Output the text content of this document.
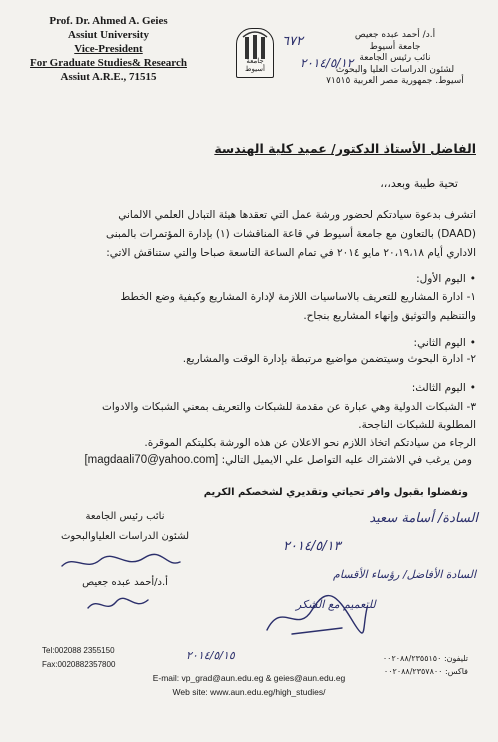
Prof. Dr. Ahmed A. Geies
Assiut University
Vice-President
For Graduate Studies& Research
Assiut A.R.E., 71515
جامعة أسيوط
٦٧٢
٢٠١٤/٥/١٢
أ.د/ أحمد عبده جعيص
جامعة أسيوط
نائب رئيس الجامعة
لشئون الدراسات العليا والبحوث
أسيوط. جمهورية مصر العربية ٧١٥١٥
الفاضل الأستاذ الدكتور/ عميد كلية الهندسة
تحية طيبة وبعد،،،
اتشرف بدعوة سيادتكم لحضور ورشة عمل التي تعقدها هيئة التبادل العلمي الالماني
(DAAD) بالتعاون مع جامعة أسيوط في قاعة المناقشات (١) بإدارة المؤتمرات بالمبنى
الاداري أيام ٢٠،١٩،١٨ مايو ٢٠١٤ في تمام الساعة التاسعة صباحا والتي ستناقش الاتي:
•اليوم الأول:
١- ادارة المشاريع للتعريف بالاساسيات اللازمة لإدارة المشاريع وكيفية وضع الخطط
والتنظيم والتوثيق وإنهاء المشاريع بنجاح.
•اليوم الثاني:
٢- ادارة البحوث وسيتضمن مواضيع مرتبطة بإدارة الوقت والمشاريع.
•اليوم الثالث:
٣- الشبكات الدولية وهي عبارة عن مقدمة للشبكات والتعريف بمعني الشبكات والادوات
المطلوبة للشبكات الناجحة.
الرجاء من سيادتكم اتخاذ اللازم نحو الاعلان عن هذه الورشة بكليتكم الموقرة.
[magdaali70@yahoo.com] ومن يرغب في الاشتراك عليه التواصل علي الايميل التالي:
وتفضلوا بقبول وافر تحياتي وتقديري لشخصكم الكريم
السادة/ أسامة سعيد
٢٠١٤/٥/١٣
السادة الأفاضل/ رؤساء الأقسام
للتعميم مع الشكر
نائب رئيس الجامعة
لشئون الدراسات العلياوالبحوث
أ.د/أحمد عبده جعيص
Tel:002088 2355150
Fax:0020882357800
تليفون: ٠٠٢٠٨٨/٢٣٥٥١٥٠
فاكس: ٠٠٢٠٨٨/٢٣٥٧٨٠٠
٢٠١٤/٥/١٥
E-mail: vp_grad@aun.edu.eg & geies@aun.edu.eg
Web site: www.aun.edu.eg/high_studies/
